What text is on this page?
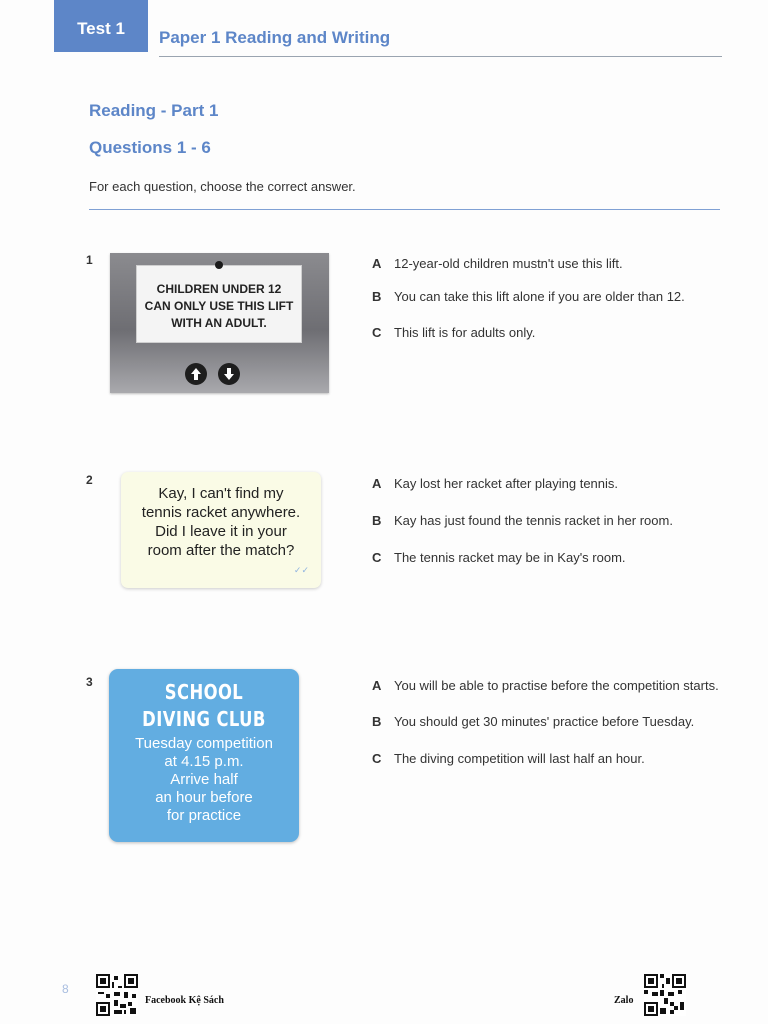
Test 1	Paper 1 Reading and Writing
Reading - Part 1
Questions 1 - 6
For each question, choose the correct answer.
1
CHILDREN UNDER 12
CAN ONLY USE THIS LIFT
WITH AN ADULT.
A 12-year-old children mustn't use this lift.
B You can take this lift alone if you are older than 12.
C This lift is for adults only.
2
Kay, I can't find my
tennis racket anywhere.
Did I leave it in your
room after the match?
✓✓
A Kay lost her racket after playing tennis.
B Kay has just found the tennis racket in her room.
C The tennis racket may be in Kay's room.
3	SCHOOL
DIVING CLUB
Tuesday competition
at 4.15 p.m.
Arrive half
an hour before
for practice
A You will be able to practise before the competition starts.
B You should get 30 minutes' practice before Tuesday.
C The diving competition will last half an hour.
8
Facebook Kệ Sách	Zalo
